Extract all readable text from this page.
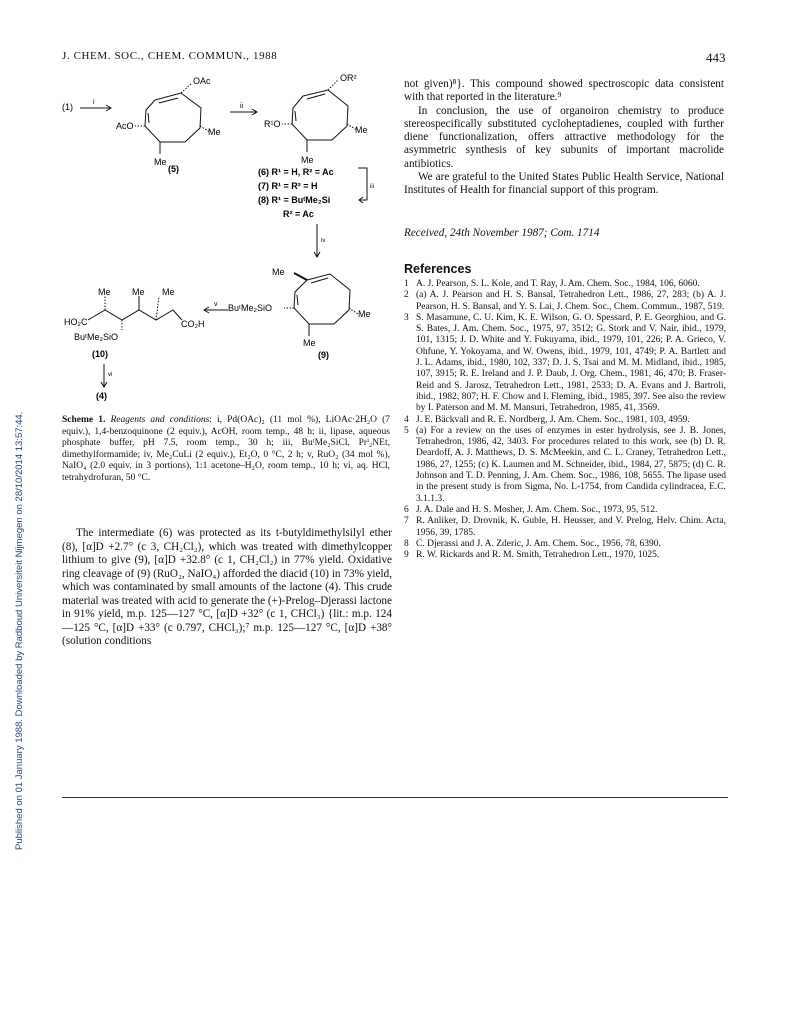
Published on 01 January 1988. Downloaded by Radboud Universiteit Nijmegen on 28/10/2014 13:57:44.
J. CHEM. SOC., CHEM. COMMUN., 1988	443
(1)	i
OAc
AcO
Me
Me
(5)
ii
OR²
R¹O
Me
Me
(6) R¹ = H, R² = Ac
(7) R¹ = R² = H
(8) R¹ = BuᵗMe₂Si
R² = Ac
iii
iv
Me
BuᵗMe₂SiO
Me
Me
(9)
v
Me Me Me
HO₂C	CO₂H
BuᵗMe₂SiO
(10)
vi
(4)
Scheme 1. Reagents and conditions: i, Pd(OAc)₂ (11 mol %), LiOAc·2H₂O (7 equiv.), 1,4-benzoquinone (2 equiv.), AcOH, room temp., 48 h; ii, lipase, aqueous phosphate buffer, pH 7.5, room temp., 30 h; iii, BuᵗMe₂SiCl, Prⁱ₂NEt, dimethylformamide; iv, Me₂CuLi (2 equiv.), Et₂O, 0 °C, 2 h; v, RuO₂ (34 mol %), NaIO₄ (2.0 equiv. in 3 portions), 1:1 acetone–H₂O, room temp., 10 h; vi, aq. HCl, tetrahydrofuran, 50 °C.

The intermediate (6) was protected as its t-butyldimethylsilyl ether (8), [α]D +2.7° (c 3, CH₂Cl₂), which was treated with dimethylcopper lithium to give (9), [α]D +32.8° (c 1, CH₂Cl₂) in 77% yield. Oxidative ring cleavage of (9) (RuO₂, NaIO₄) afforded the diacid (10) in 73% yield, which was contaminated by small amounts of the lactone (4). This crude material was treated with acid to generate the (+)-Prelog–Djerassi lactone in 91% yield, m.p. 125—127 °C, [α]D +32° (c 1, CHCl₃) {lit.: m.p. 124—125 °C, [α]D +33° (c 0.797, CHCl₃);⁷ m.p. 125—127 °C, [α]D +38° (solution conditions

not given)⁸}. This compound showed spectroscopic data consistent with that reported in the literature.⁹

In conclusion, the use of organoiron chemistry to produce stereospecifically substituted cycloheptadienes, coupled with further diene functionalization, offers attractive methodology for the asymmetric synthesis of key subunits of important macrolide antibiotics.

We are grateful to the United States Public Health Service, National Institutes of Health for financial support of this program.

Received, 24th November 1987; Com. 1714
References
1 A. J. Pearson, S. L. Kole, and T. Ray, J. Am. Chem. Soc., 1984, 106, 6060.
2 (a) A. J. Pearson and H. S. Bansal, Tetrahedron Lett., 1986, 27, 283; (b) A. J. Pearson, H. S. Bansal, and Y. S. Lai, J. Chem. Soc., Chem. Commun., 1987, 519.
3 S. Masamune, C. U. Kim, K. E. Wilson, G. O. Spessard, P. E. Georghiou, and G. S. Bates, J. Am. Chem. Soc., 1975, 97, 3512; G. Stork and V. Nair, ibid., 1979, 101, 1315; J. D. White and Y. Fukuyama, ibid., 1979, 101, 226; P. A. Grieco, V. Ohfune, Y. Yokoyama, and W. Owens, ibid., 1979, 101, 4749; P. A. Bartlett and J. L. Adams, ibid., 1980, 102, 337; D. J. S. Tsai and M. M. Midland, ibid., 1985, 107, 3915; R. E. Ireland and J. P. Daub, J. Org. Chem., 1981, 46, 470; B. Fraser-Reid and S. Jarosz, Tetrahedron Lett., 1981, 2533; D. A. Evans and J. Bartroli, ibid., 1982, 807; H. F. Chow and I. Fleming, ibid., 1985, 397. See also the review by I. Paterson and M. M. Mansuri, Tetrahedron, 1985, 41, 3569.
4 J. E. Bäckvall and R. E. Nordberg, J. Am. Chem. Soc., 1981, 103, 4959.
5 (a) For a review on the uses of enzymes in ester hydrolysis, see J. B. Jones, Tetrahedron, 1986, 42, 3403. For procedures related to this work, see (b) D. R. Deardoff, A. J. Matthews, D. S. McMeekin, and C. L. Craney, Tetrahedron Lett., 1986, 27, 1255; (c) K. Laumen and M. Schneider, ibid., 1984, 27, 5875; (d) C. R. Johnson and T. D. Penning, J. Am. Chem. Soc., 1986, 108, 5655. The lipase used in the present study is from Sigma, No. L-1754, from Candida cylindracea, E.C. 3.1.1.3.
6 J. A. Dale and H. S. Mosher, J. Am. Chem. Soc., 1973, 95, 512.
7 R. Anliker, D. Drovnik, K. Guble, H. Heusser, and V. Prelog, Helv. Chim. Acta, 1956, 39, 1785.
8 C. Djerassi and J. A. Zderic, J. Am. Chem. Soc., 1956, 78, 6390.
9 R. W. Rickards and R. M. Smith, Tetrahedron Lett., 1970, 1025.
